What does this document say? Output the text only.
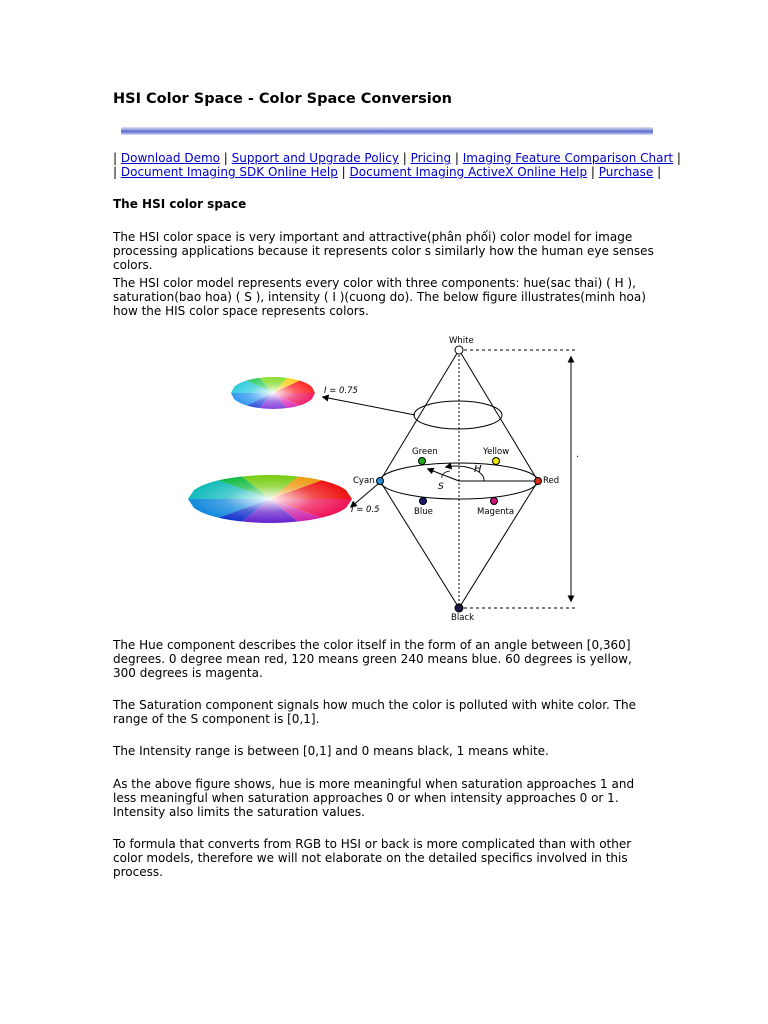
HSI Color Space - Color Space Conversion
| Download Demo | Support and Upgrade Policy | Pricing | Imaging Feature Comparison Chart |
| Document Imaging SDK Online Help | Document Imaging ActiveX Online Help | Purchase |
The HSI color space

The HSI color space is very important and attractive(phân phối) color model for image processing applications because it represents color s similarly how the human eye senses colors.

The HSI color model represents every color with three components: hue(sac thai) ( H ), saturation(bao hoa) ( S ), intensity ( I )(cuong do). The below figure illustrates(minh hoa) how the HIS color space represents colors.

The Hue component describes the color itself in the form of an angle between [0,360] degrees. 0 degree mean red, 120 means green 240 means blue. 60 degrees is yellow, 300 degrees is magenta.

The Saturation component signals how much the color is polluted with white color. The range of the S component is [0,1].

The Intensity range is between [0,1] and 0 means black, 1 means white.

As the above figure shows, hue is more meaningful when saturation approaches 1 and less meaningful when saturation approaches 0 or when intensity approaches 0 or 1. Intensity also limits the saturation values.

To formula that converts from RGB to HSI or back is more complicated than with other color models, therefore we will not elaborate on the detailed specifics involved in this process.

.
H
S
White
Black
Green	Yellow
Cyan	Red
Blue	Magenta
I = 0.75
I = 0.5
